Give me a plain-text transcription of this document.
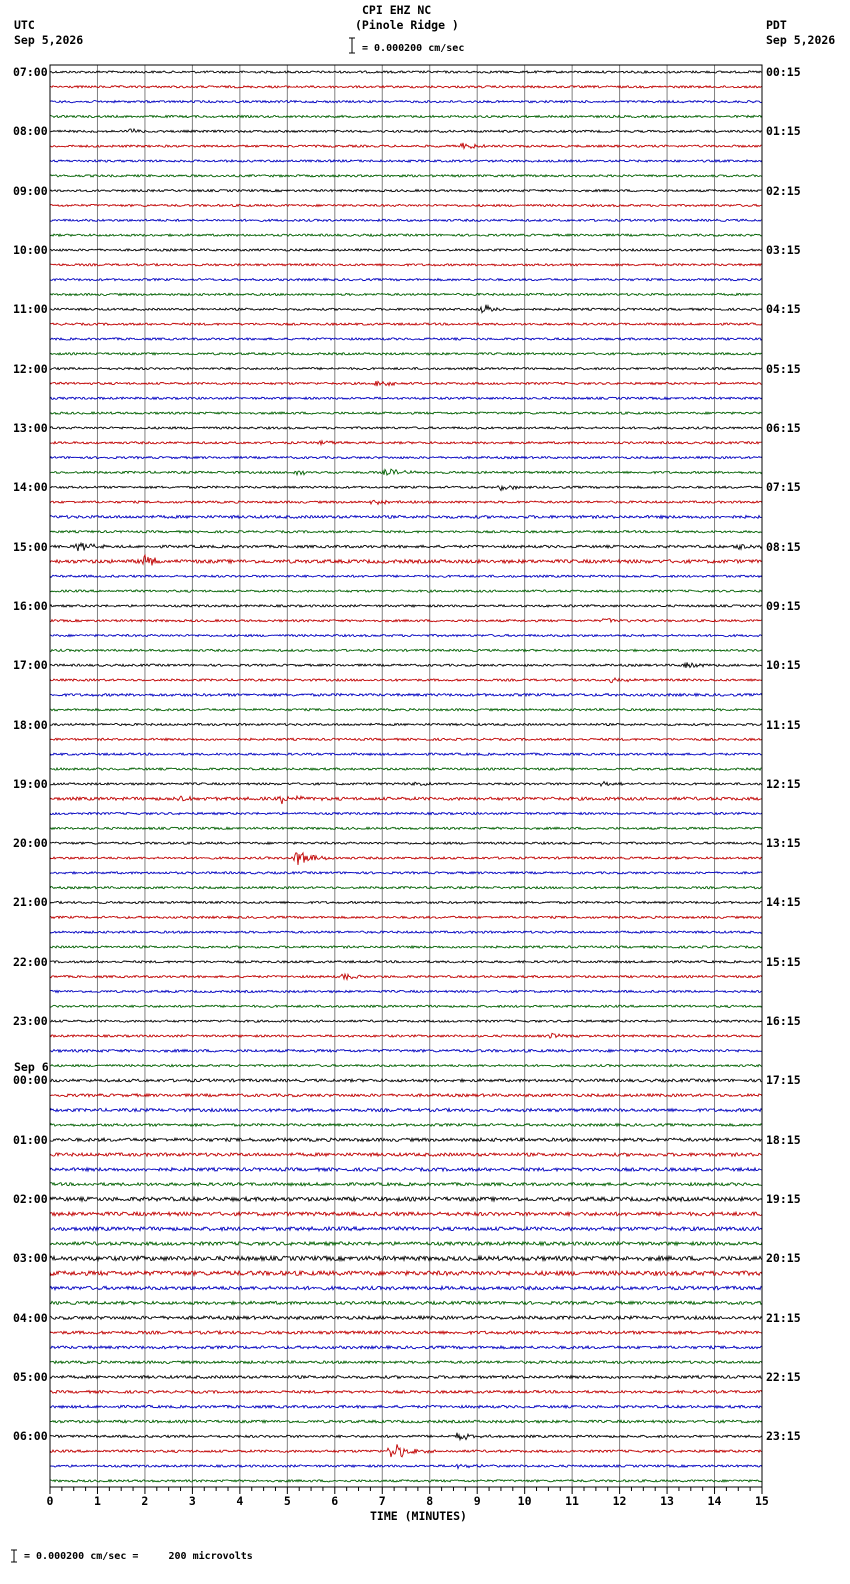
CPI EHZ NC
(Pinole Ridge )
= 0.000200 cm/sec
UTC
Sep 5,2026
PDT
Sep 5,2026
Sep 6
07:00
08:00
09:00
10:00
11:00
12:00
13:00
14:00
15:00
16:00
17:00
18:00
19:00
20:00
21:00
22:00
23:00
00:00
01:00
02:00
03:00
04:00
05:00
06:00
00:15
01:15
02:15
03:15
04:15
05:15
06:15
07:15
08:15
09:15
10:15
11:15
12:15
13:15
14:15
15:15
16:15
17:15
18:15
19:15
20:15
21:15
22:15
23:15
0	1	2	3	4	5	6	7	8	9	10	11	12	13	14	15
TIME (MINUTES)
= 0.000200 cm/sec =     200 microvolts
